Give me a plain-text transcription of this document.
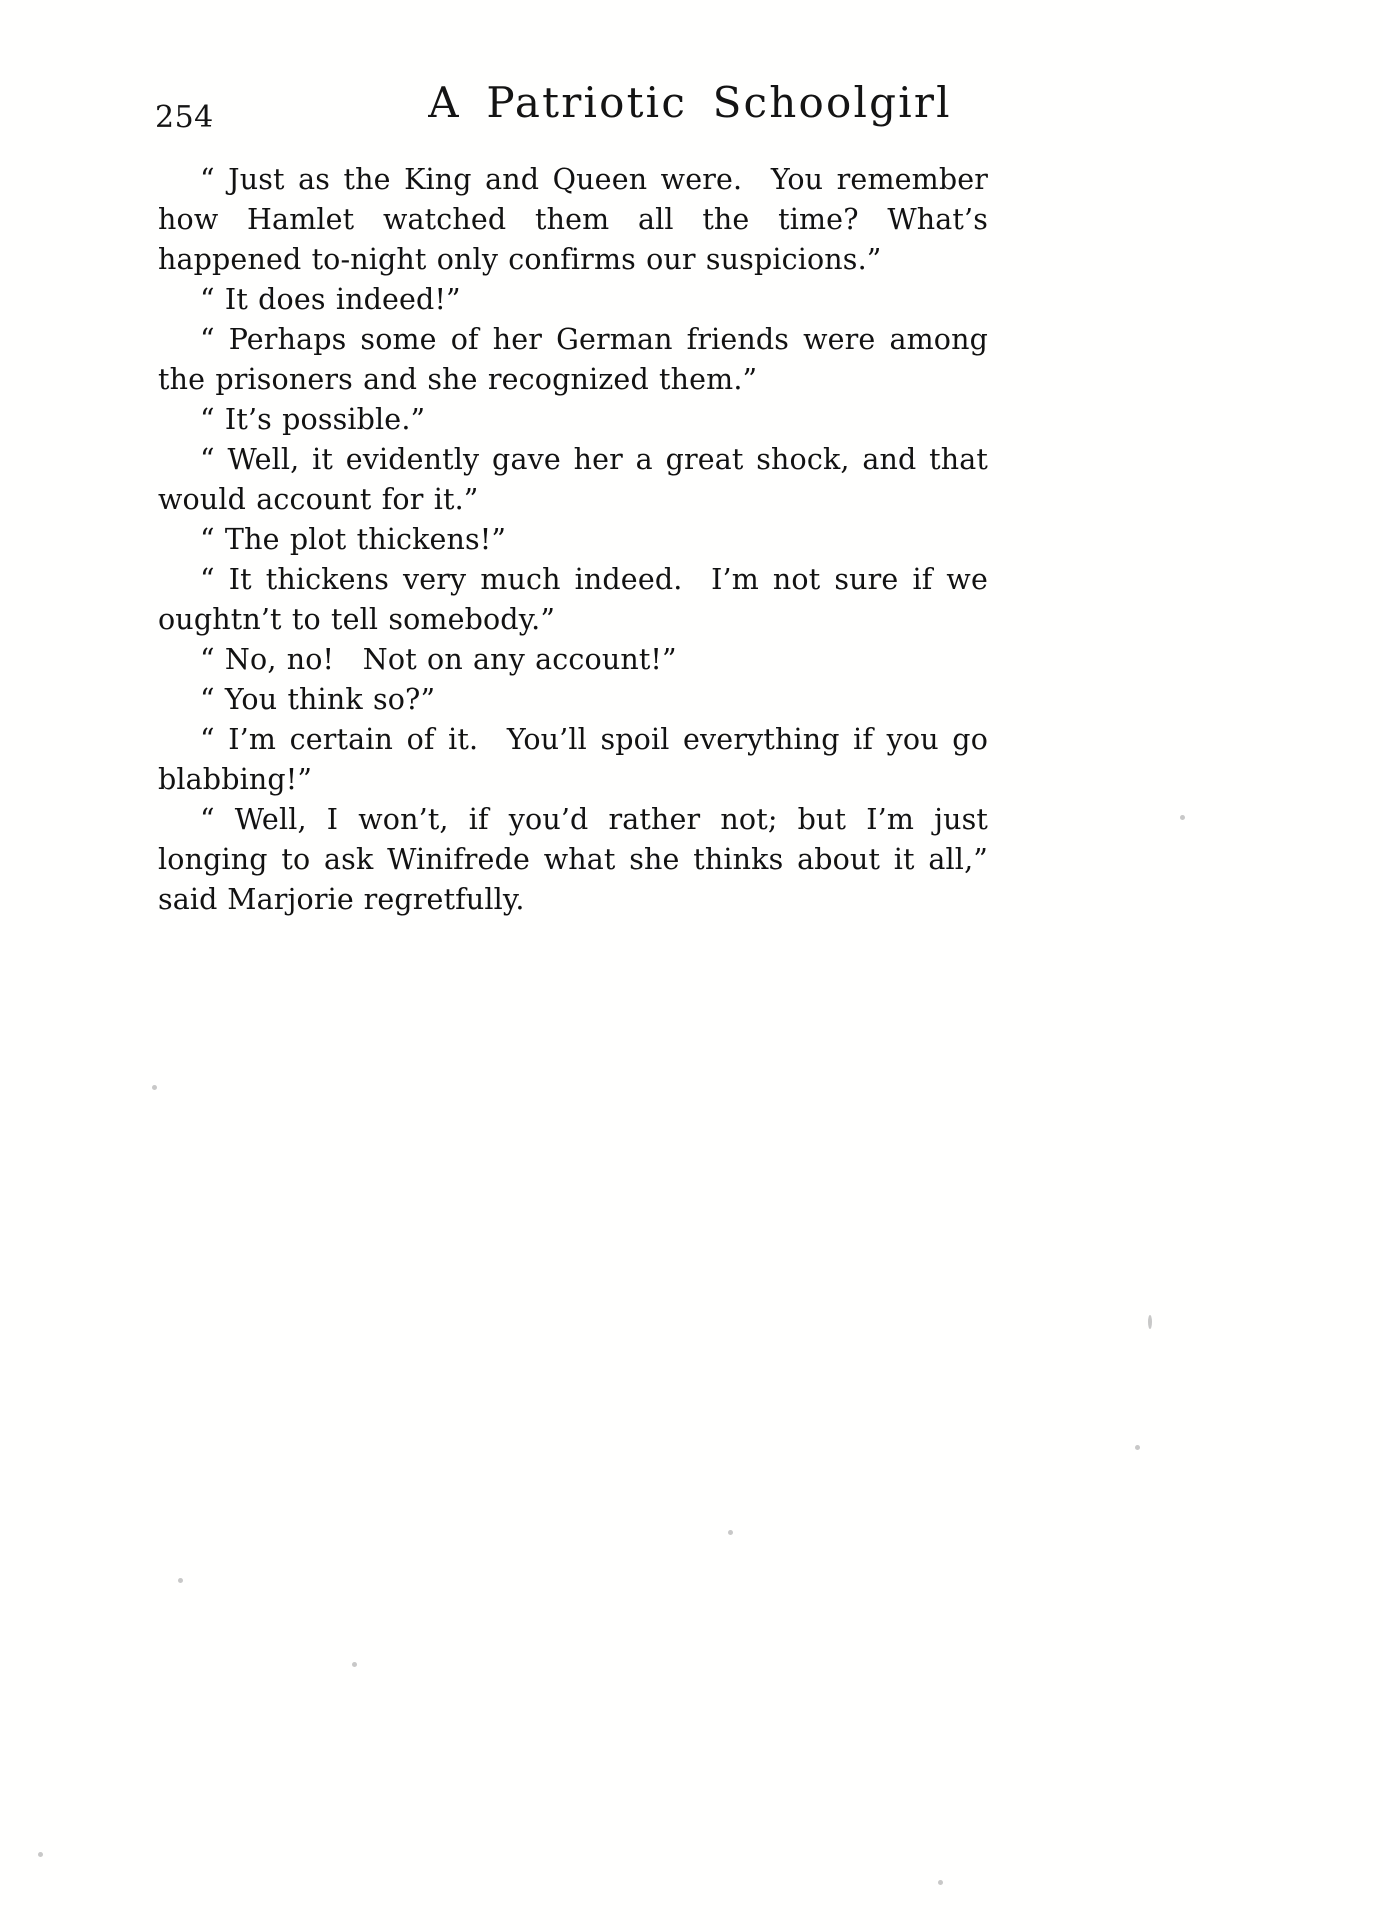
254	A Patriotic Schoolgirl

“ Just as the King and Queen were. You remember how Hamlet watched them all the time? What’s happened to-night only confirms our suspicions.”

“ It does indeed!”

“ Perhaps some of her German friends were among the prisoners and she recognized them.”

“ It’s possible.”

“ Well, it evidently gave her a great shock, and that would account for it.”

“ The plot thickens!”

“ It thickens very much indeed. I’m not sure if we oughtn’t to tell somebody.”

“ No, no! Not on any account!”

“ You think so?”

“ I’m certain of it. You’ll spoil everything if you go blabbing!”

“ Well, I won’t, if you’d rather not; but I’m just longing to ask Winifrede what she thinks about it all,” said Marjorie regretfully.
